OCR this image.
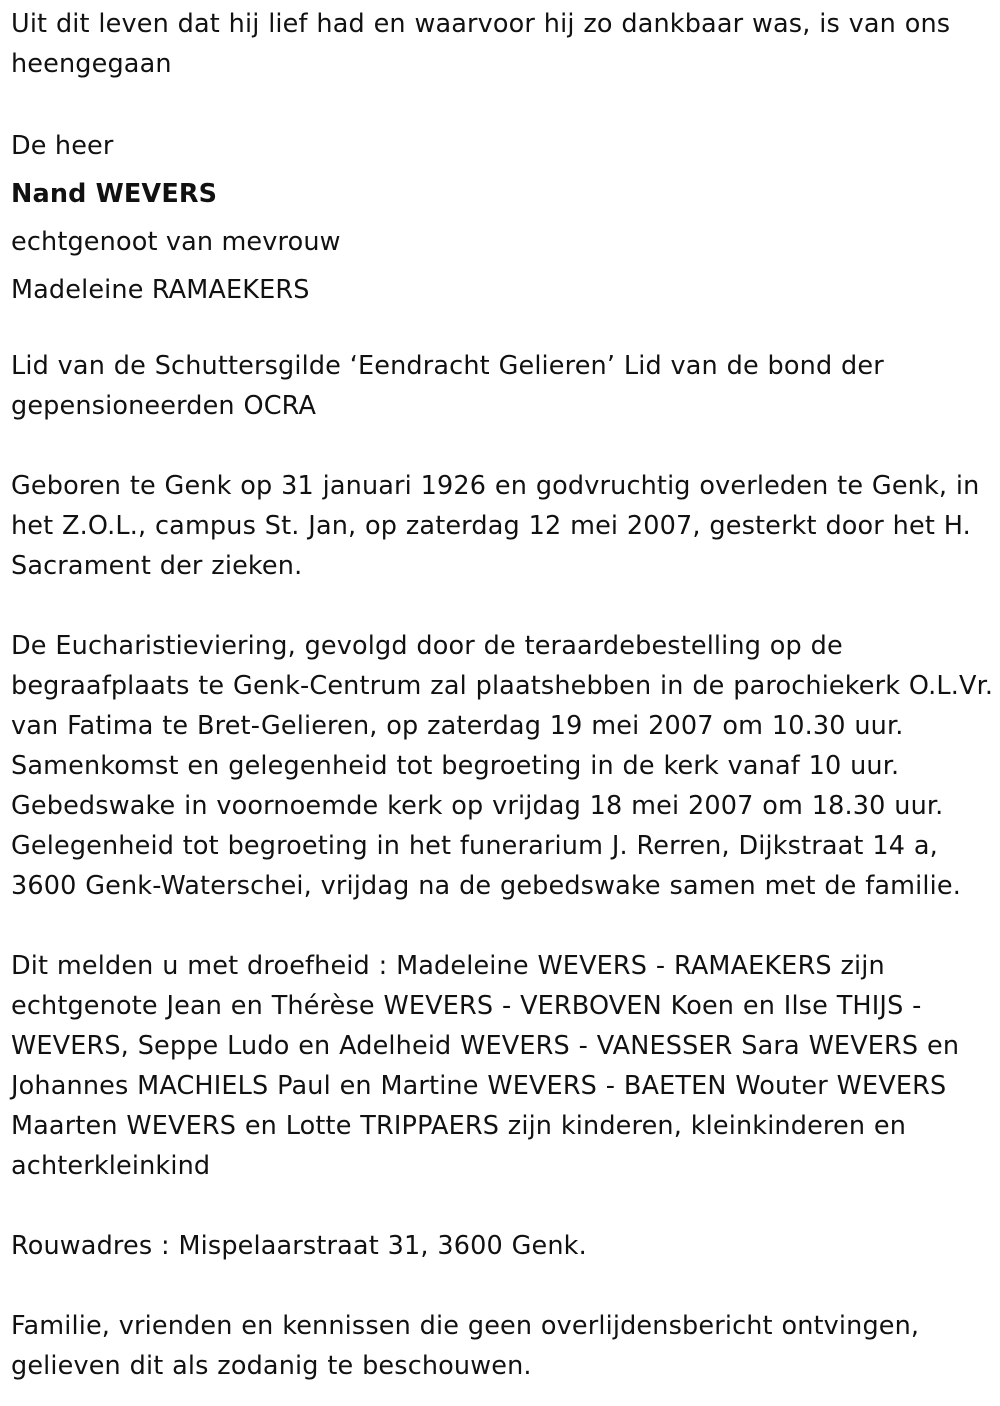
Uit dit leven dat hij lief had en waarvoor hij zo dankbaar was, is van ons heengegaan

De heer
Nand WEVERS
echtgenoot van mevrouw
Madeleine RAMAEKERS

Lid van de Schuttersgilde ‘Eendracht Gelieren’ Lid van de bond der gepensioneerden OCRA

Geboren te Genk op 31 januari 1926 en godvruchtig overleden te Genk, in het Z.O.L., campus St. Jan, op zaterdag 12 mei 2007, gesterkt door het H. Sacrament der zieken.

De Eucharistieviering, gevolgd door de teraardebestelling op de begraafplaats te Genk-Centrum zal plaatshebben in de parochiekerk O.L.Vr. van Fatima te Bret-Gelieren, op zaterdag 19 mei 2007 om 10.30 uur. Samenkomst en gelegenheid tot begroeting in de kerk vanaf 10 uur. Gebedswake in voornoemde kerk op vrijdag 18 mei 2007 om 18.30 uur. Gelegenheid tot begroeting in het funerarium J. Rerren, Dijkstraat 14 a, 3600 Genk-Waterschei, vrijdag na de gebedswake samen met de familie.

Dit melden u met droefheid : Madeleine WEVERS - RAMAEKERS zijn echtgenote Jean en Thérèse WEVERS - VERBOVEN Koen en Ilse THIJS - WEVERS, Seppe Ludo en Adelheid WEVERS - VANESSER Sara WEVERS en Johannes MACHIELS Paul en Martine WEVERS - BAETEN Wouter WEVERS Maarten WEVERS en Lotte TRIPPAERS zijn kinderen, kleinkinderen en achterkleinkind

Rouwadres : Mispelaarstraat 31, 3600 Genk.

Familie, vrienden en kennissen die geen overlijdensbericht ontvingen, gelieven dit als zodanig te beschouwen.
